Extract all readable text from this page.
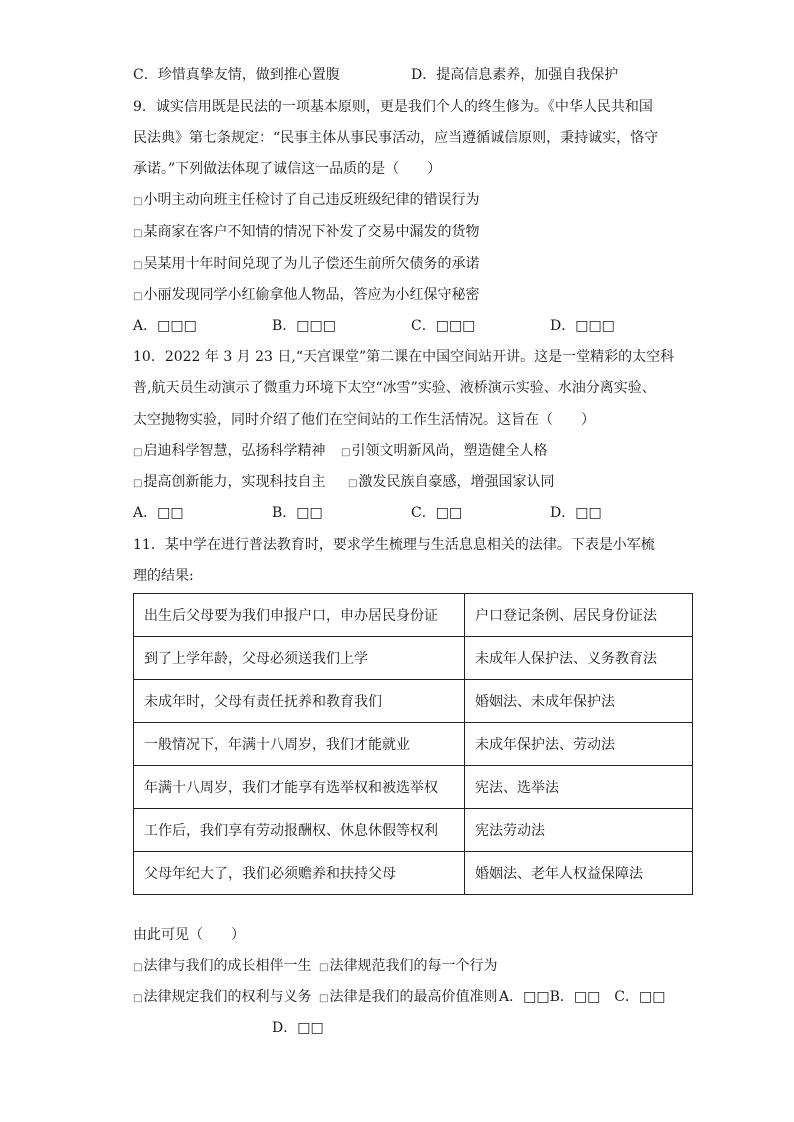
C．珍惜真挚友情，做到推心置腹	D．提高信息素养，加强自我保护
9．诚实信用既是民法的一项基本原则，更是我们个人的终生修为。《中华人民共和国
民法典》第七条规定：“民事主体从事民事活动，应当遵循诚信原则，秉持诚实，恪守
承诺。”下列做法体现了诚信这一品质的是（　　）
□小明主动向班主任检讨了自己违反班级纪律的错误行为
□某商家在客户不知情的情况下补发了交易中漏发的货物
□吴某用十年时间兑现了为儿子偿还生前所欠债务的承诺
□小丽发现同学小红偷拿他人物品，答应为小红保守秘密
A．□□□	B．□□□	C．□□□	D．□□□
10．2022 年 3 月 23 日,“天宫课堂”第二课在中国空间站开讲。这是一堂精彩的太空科
普,航天员生动演示了微重力环境下太空“冰雪”实验、液桥演示实验、水油分离实验、
太空抛物实验，同时介绍了他们在空间站的工作生活情况。这旨在（　　）
□启迪科学智慧，弘扬科学精神 □引领文明新风尚，塑造健全人格
□提高创新能力，实现科技自主 □激发民族自豪感，增强国家认同
A．□□	B．□□	C．□□	D．□□
11．某中学在进行普法教育时，要求学生梳理与生活息息相关的法律。下表是小军梳
理的结果:
出生后父母要为我们申报户口，申办居民身份证	户口登记条例、居民身份证法
到了上学年龄，父母必须送我们上学	未成年人保护法、义务教育法
未成年时，父母有责任抚养和教育我们	婚姻法、未成年保护法
一般情况下，年满十八周岁，我们才能就业	未成年保护法、劳动法
年满十八周岁，我们才能享有选举权和被选举权	宪法、选举法
工作后，我们享有劳动报酬权、休息休假等权利	宪法劳动法
父母年纪大了，我们必须赡养和扶持父母	婚姻法、老年人权益保障法
由此可见（　　）
□法律与我们的成长相伴一生 □法律规范我们的每一个行为
□法律规定我们的权利与义务 □法律是我们的最高价值准则 A．□□B．□□　C．□□
D．□□
